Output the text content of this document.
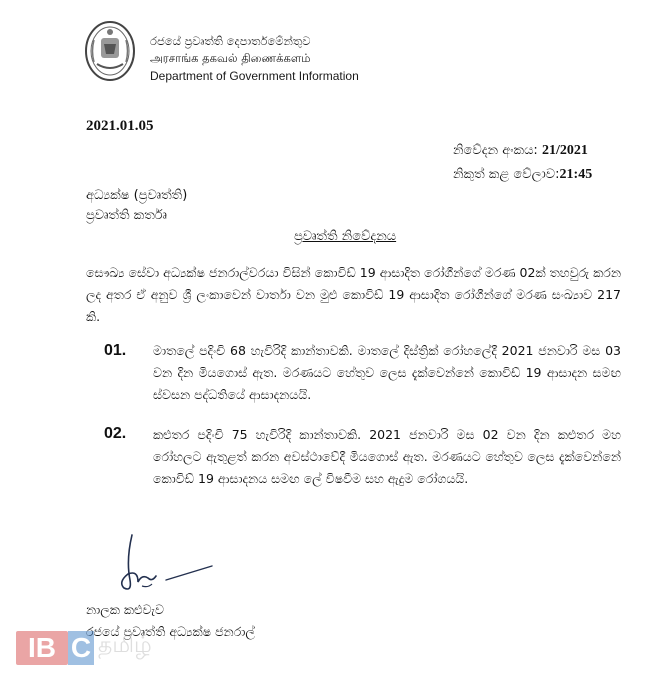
රජයේ ප්‍රවෘත්ති දෙපාර්තමේන්තුව
அரசாங்க தகவல் திணைக்களம்
Department of Government Information
2021.01.05
නිවේදන අංකය: 21/2021
නිකුත් කළ වේලාව:21:45
අධ්‍යක්ෂ (ප්‍රවෘත්ති)
ප්‍රවෘත්ති කර්තෘ
ප්‍රවෘත්ති නිවේදනය
සෞඛ්‍ය සේවා අධ්‍යක්ෂ ජනරාල්වරයා විසින් කොවිඩ් 19 ආසාදිත රෝගීන්ගේ මරණ 02ක් තහවුරු කරන ලද අතර ඒ අනුව ශ්‍රී ලංකාවෙන් වාර්තා වන මුළු කොවිඩ් 19 ආසාදිත රෝගීන්ගේ මරණ සංඛ්‍යාව 217 කි.
01. මාතලේ පදිංචි 68 හැවිරිදි කාන්තාවකි. මාතලේ දිස්ත්‍රික් රෝහලේදී 2021 ජනවාරි මස 03 වන දින මියගොස් ඇත. මරණයට හේතුව ලෙස දැක්වෙන්නේ කොවිඩ් 19 ආසාදන සමඟ ස්වසන පද්ධතියේ ආසාදනයයි.
02. කළුතර පදිංචි 75 හැවිරිදි කාන්තාවකි. 2021 ජනවාරි මස 02 වන දින කළුතර මහ රෝහලට ඇතුළත් කරන අවස්ථාවේදී මියගොස් ඇත. මරණයට හේතුව ලෙස දැක්වෙන්නේ කොවිඩ් 19 ආසාදනය සමඟ ලේ විෂවීම සහ ඇදුම රෝගයයි.
නාලක කළුවැව
රජයේ ප්‍රවෘත්ති අධ්‍යක්ෂ ජනරාල්
IB C தமிழ்
